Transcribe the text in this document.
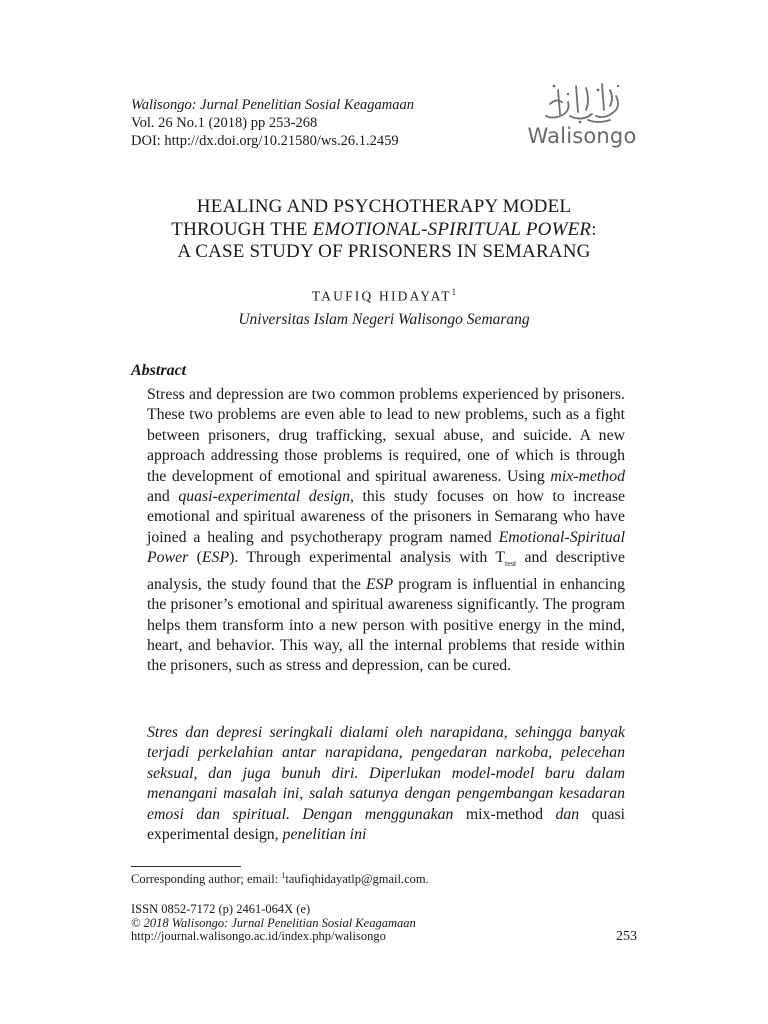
Walisongo: Jurnal Penelitian Sosial Keagamaan
Vol. 26 No.1 (2018) pp 253-268
DOI: http://dx.doi.org/10.21580/ws.26.1.2459	Walisongo
HEALING AND PSYCHOTHERAPY MODEL
THROUGH THE EMOTIONAL-SPIRITUAL POWER:
A CASE STUDY OF PRISONERS IN SEMARANG
TAUFIQ HIDAYAT$^1$
Universitas Islam Negeri Walisongo Semarang
Abstract

Stress and depression are two common problems experienced by prisoners. These two problems are even able to lead to new problems, such as a fight between prisoners, drug trafficking, sexual abuse, and suicide. A new approach addressing those problems is required, one of which is through the development of emotional and spiritual awareness. Using mix-method and quasi-experimental design, this study focuses on how to increase emotional and spiritual awareness of the prisoners in Semarang who have joined a healing and psychotherapy program named Emotional-Spiritual Power (ESP). Through experimental analysis with $T_{test}$ and descriptive analysis, the study found that the ESP program is influential in enhancing the prisoner’s emotional and spiritual awareness significantly. The program helps them transform into a new person with positive energy in the mind, heart, and behavior. This way, all the internal problems that reside within the prisoners, such as stress and depression, can be cured.

Stres dan depresi seringkali dialami oleh narapidana, sehingga banyak terjadi perkelahian antar narapidana, pengedaran narkoba, pelecehan seksual, dan juga bunuh diri. Diperlukan model-model baru dalam menangani masalah ini, salah satunya dengan pengembangan kesadaran emosi dan spiritual. Dengan menggunakan mix-method dan quasi experimental design, penelitian ini

Corresponding author; email: $^1$taufiqhidayatlp@gmail.com.
ISSN 0852-7172 (p) 2461-064X (e)
© 2018 Walisongo: Jurnal Penelitian Sosial Keagamaan
http://journal.walisongo.ac.id/index.php/walisongo	253
